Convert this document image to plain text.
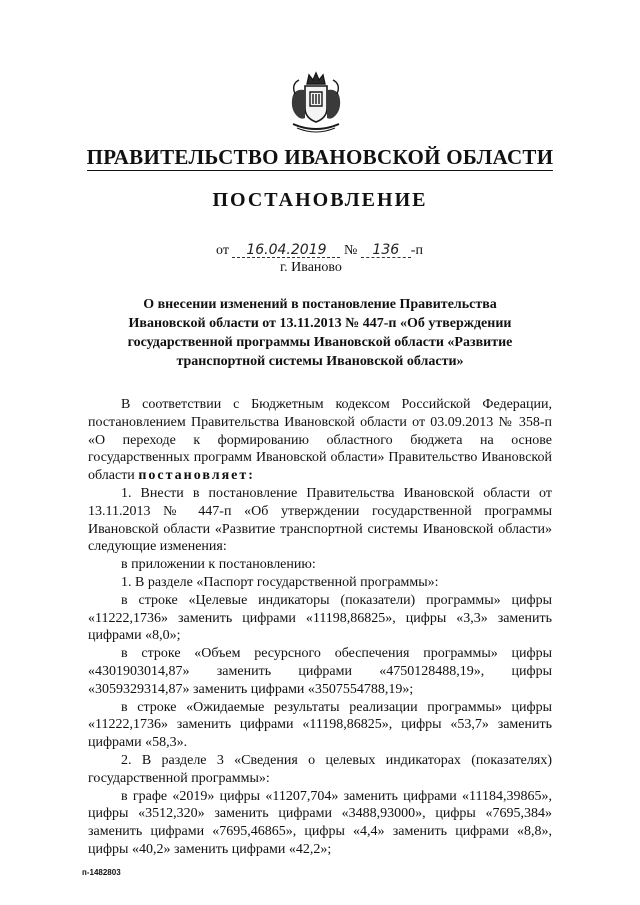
ПРАВИТЕЛЬСТВО ИВАНОВСКОЙ ОБЛАСТИ
ПОСТАНОВЛЕНИЕ
от 16.04.2019 № 136 -п
г. Иваново
О внесении изменений в постановление Правительства Ивановской области от 13.11.2013 № 447-п «Об утверждении государственной программы Ивановской области «Развитие транспортной системы Ивановской области»

В соответствии с Бюджетным кодексом Российской Федерации, постановлением Правительства Ивановской области от 03.09.2013 № 358-п «О переходе к формированию областного бюджета на основе государственных программ Ивановской области» Правительство Ивановской области постановляет:

1. Внести в постановление Правительства Ивановской области от 13.11.2013 № 447-п «Об утверждении государственной программы Ивановской области «Развитие транспортной системы Ивановской области» следующие изменения:

в приложении к постановлению:

1. В разделе «Паспорт государственной программы»:

в строке «Целевые индикаторы (показатели) программы» цифры «11222,1736» заменить цифрами «11198,86825», цифры «3,3» заменить цифрами «8,0»;

в строке «Объем ресурсного обеспечения программы» цифры «4301903014,87» заменить цифрами «4750128488,19», цифры «3059329314,87» заменить цифрами «3507554788,19»;

в строке «Ожидаемые результаты реализации программы» цифры «11222,1736» заменить цифрами «11198,86825», цифры «53,7» заменить цифрами «58,3».

2. В разделе 3 «Сведения о целевых индикаторах (показателях) государственной программы»:

в графе «2019» цифры «11207,704» заменить цифрами «11184,39865», цифры «3512,320» заменить цифрами «3488,93000», цифры «7695,384» заменить цифрами «7695,46865», цифры «4,4» заменить цифрами «8,8», цифры «40,2» заменить цифрами «42,2»;

п-1482803
